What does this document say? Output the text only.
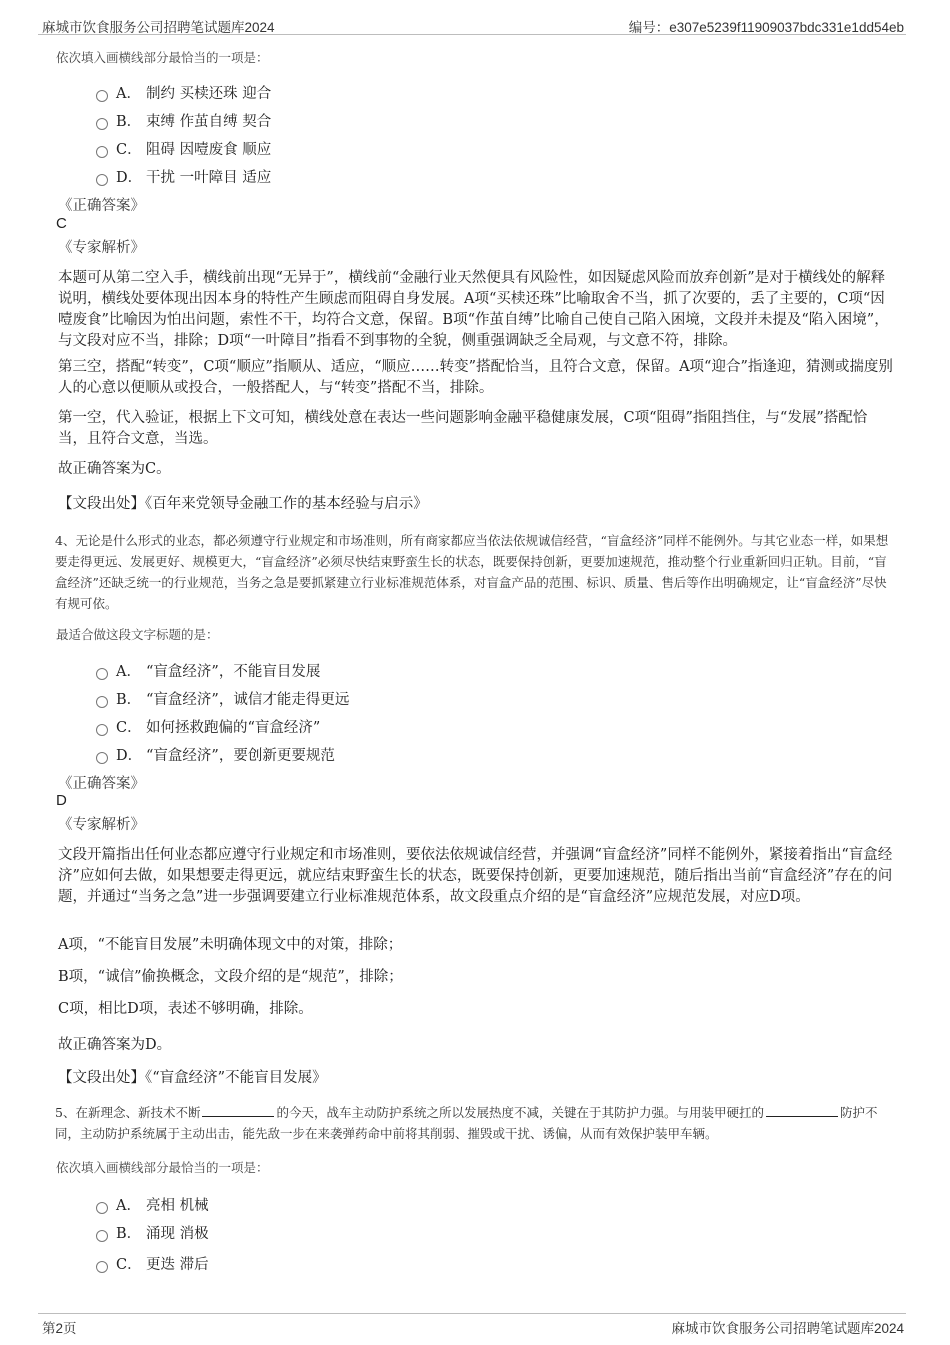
麻城市饮食服务公司招聘笔试题库2024	编号：e307e5239f11909037bdc331e1dd54eb
依次填入画横线部分最恰当的一项是：
A． 制约 买椟还珠 迎合
B． 束缚 作茧自缚 契合
C． 阻碍 因噎废食 顺应
D． 干扰 一叶障目 适应
《正确答案》
C
《专家解析》
本题可从第二空入手，横线前出现“无异于”，横线前“金融行业天然便具有风险性，如因疑虑风险而放弃创新”是对于横线处的解释说明，横线处要体现出因本身的特性产生顾虑而阻碍自身发展。A项“买椟还珠”比喻取舍不当，抓了次要的，丢了主要的，C项“因噎废食”比喻因为怕出问题，索性不干，均符合文意，保留。B项“作茧自缚”比喻自己使自己陷入困境，文段并未提及“陷入困境”，与文段对应不当，排除；D项“一叶障目”指看不到事物的全貌，侧重强调缺乏全局观，与文意不符，排除。
第三空，搭配“转变”，C项“顺应”指顺从、适应，“顺应……转变”搭配恰当，且符合文意，保留。A项“迎合”指逢迎，猜测或揣度别人的心意以便顺从或投合，一般搭配人，与“转变”搭配不当，排除。
第一空，代入验证，根据上下文可知，横线处意在表达一些问题影响金融平稳健康发展，C项“阻碍”指阻挡住，与“发展”搭配恰当，且符合文意，当选。
故正确答案为C。
【文段出处】《百年来党领导金融工作的基本经验与启示》
4、无论是什么形式的业态，都必须遵守行业规定和市场准则，所有商家都应当依法依规诚信经营，“盲盒经济”同样不能例外。与其它业态一样，如果想要走得更远、发展更好、规模更大，“盲盒经济”必须尽快结束野蛮生长的状态，既要保持创新，更要加速规范，推动整个行业重新回归正轨。目前，“盲盒经济”还缺乏统一的行业规范，当务之急是要抓紧建立行业标准规范体系，对盲盒产品的范围、标识、质量、售后等作出明确规定，让“盲盒经济”尽快有规可依。
最适合做这段文字标题的是：
A． “盲盒经济”，不能盲目发展
B． “盲盒经济”，诚信才能走得更远
C． 如何拯救跑偏的“盲盒经济”
D． “盲盒经济”，要创新更要规范
《正确答案》
D
《专家解析》
文段开篇指出任何业态都应遵守行业规定和市场准则，要依法依规诚信经营，并强调“盲盒经济”同样不能例外，紧接着指出“盲盒经济”应如何去做，如果想要走得更远，就应结束野蛮生长的状态，既要保持创新，更要加速规范，随后指出当前“盲盒经济”存在的问题，并通过“当务之急”进一步强调要建立行业标准规范体系，故文段重点介绍的是“盲盒经济”应规范发展，对应D项。
A项，“不能盲目发展”未明确体现文中的对策，排除；
B项，“诚信”偷换概念，文段介绍的是“规范”，排除；
C项，相比D项，表述不够明确，排除。
故正确答案为D。
【文段出处】《“盲盒经济”不能盲目发展》
5、在新理念、新技术不断	的今天，战车主动防护系统之所以发展热度不减，关键在于其防护力强。与用装甲硬扛的	防护不同，主动防护系统属于主动出击，能先敌一步在来袭弹药命中前将其削弱、摧毁或干扰、诱偏，从而有效保护装甲车辆。
依次填入画横线部分最恰当的一项是：
A． 亮相 机械
B． 涌现 消极
C． 更迭 滞后
第2页	麻城市饮食服务公司招聘笔试题库2024
